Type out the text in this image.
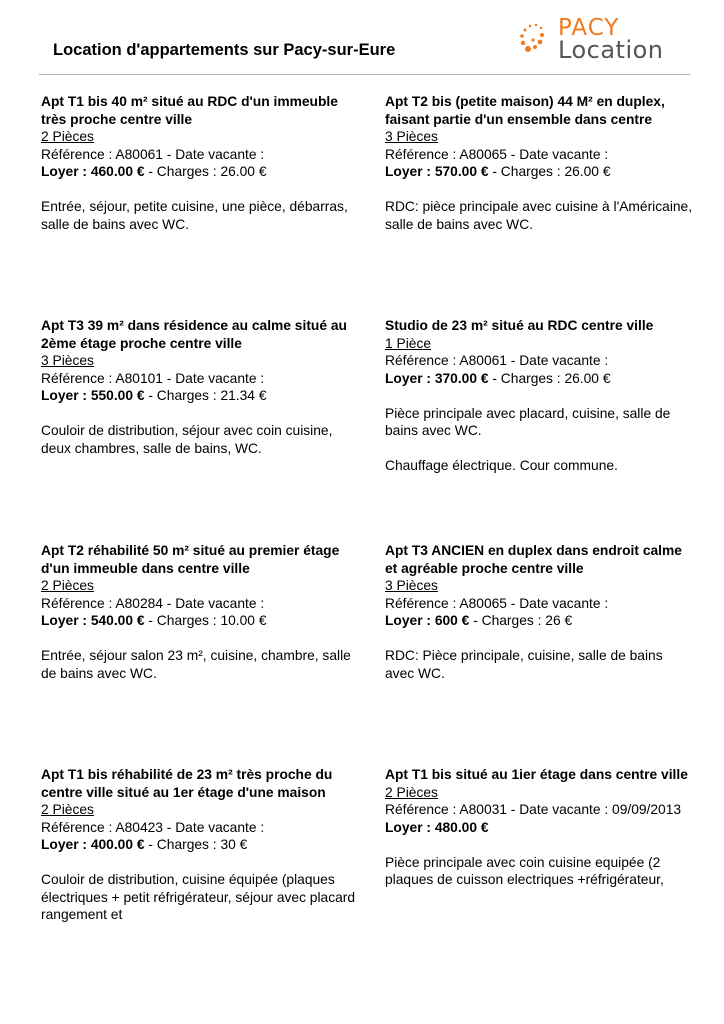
Location d'appartements sur Pacy-sur-Eure
PACY
Location

Apt T1 bis 40 m² situé au RDC d'un immeuble très proche centre ville

2 Pièces

Référence : A80061 - Date vacante :

Loyer : 460.00 € - Charges : 26.00 €

Entrée, séjour, petite cuisine, une pièce, débarras, salle de bains avec WC.

Apt T2 bis (petite maison) 44 M² en duplex, faisant partie d'un ensemble dans centre

3 Pièces

Référence : A80065 - Date vacante :

Loyer : 570.00 € - Charges : 26.00 €

RDC: pièce principale avec cuisine à l'Américaine, salle de bains avec WC.

Apt T3 39 m² dans résidence au calme situé au 2ème étage proche centre ville

3 Pièces

Référence : A80101 - Date vacante :

Loyer : 550.00 € - Charges : 21.34 €

Couloir de distribution, séjour avec coin cuisine, deux chambres, salle de bains, WC.

Studio de 23 m² situé au RDC centre ville

1 Pièce

Référence : A80061 - Date vacante :

Loyer : 370.00 € - Charges : 26.00 €

Pièce principale avec placard, cuisine, salle de bains avec WC.

Chauffage électrique. Cour commune.

Apt T2 réhabilité 50 m² situé au premier étage d'un immeuble dans centre ville

2 Pièces

Référence : A80284 - Date vacante :

Loyer : 540.00 € - Charges : 10.00 €

Entrée, séjour salon 23 m², cuisine, chambre, salle de bains avec WC.

Apt T3 ANCIEN en duplex dans endroit calme et agréable proche centre ville

3 Pièces

Référence : A80065 - Date vacante :

Loyer : 600 € - Charges : 26 €

RDC: Pièce principale, cuisine, salle de bains avec WC.

Apt T1 bis réhabilité de 23 m² très proche du centre ville situé au 1er étage d'une maison

2 Pièces

Référence : A80423 - Date vacante :

Loyer : 400.00 € - Charges : 30 €

Couloir de distribution, cuisine équipée (plaques électriques + petit réfrigérateur, séjour avec placard rangement et

Apt T1 bis situé au 1ier étage dans centre ville

2 Pièces

Référence : A80031 - Date vacante : 09/09/2013

Loyer : 480.00 €

Pièce principale avec coin cuisine equipée (2 plaques de cuisson electriques +réfrigérateur,
